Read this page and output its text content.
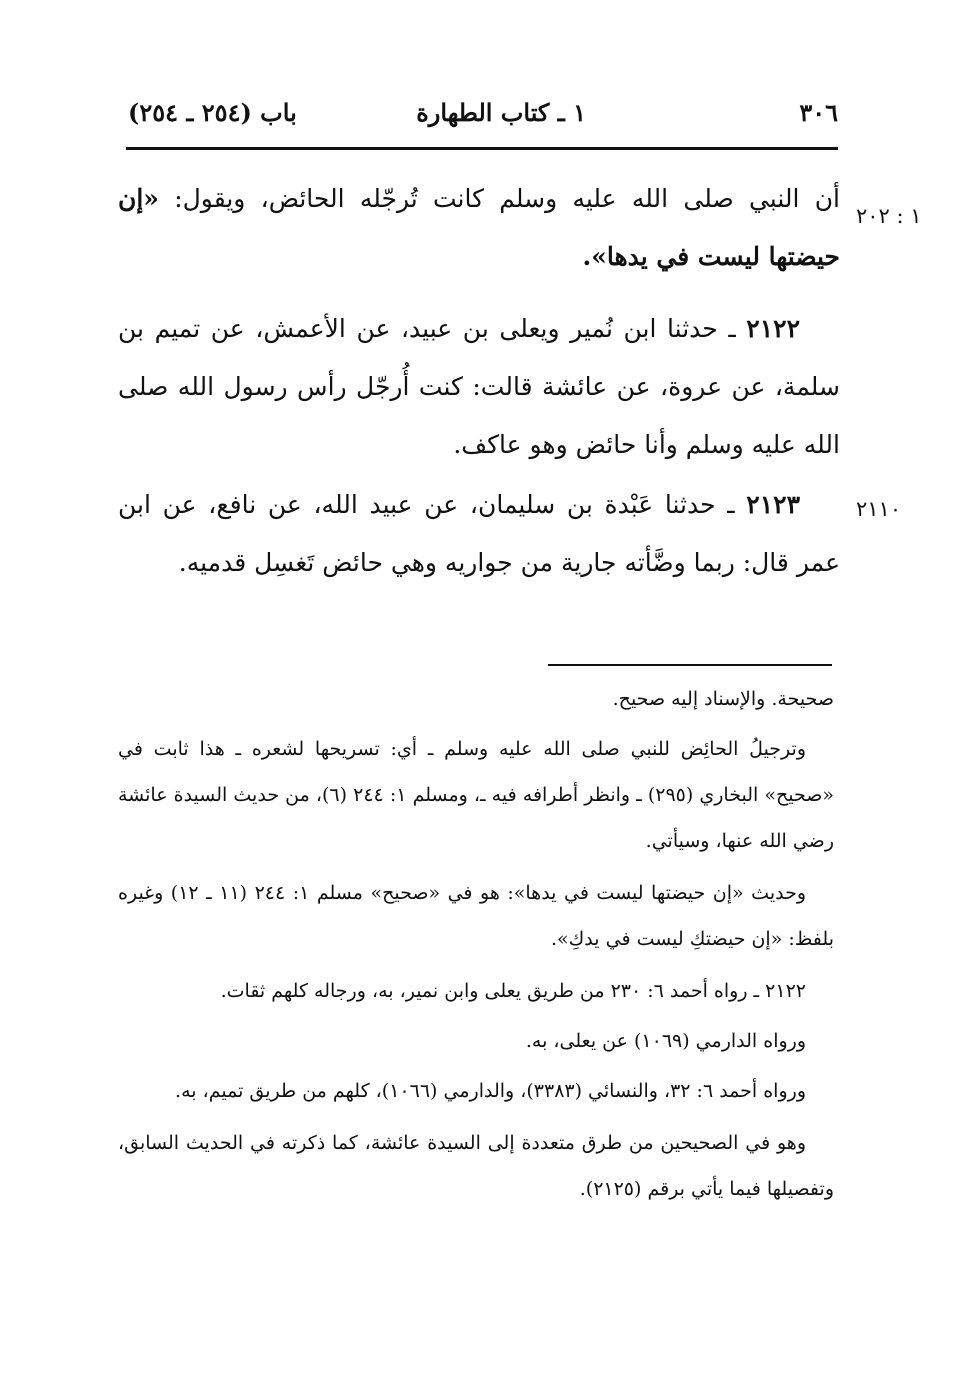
٣٠٦
١ ـ كتاب الطهارة
باب (٢٥٤ ـ ٢٥٤)
١ : ٢٠٢
٢١١٠
أن النبي صلى الله عليه وسلم كانت تُرجّله الحائض، ويقول: «إن حيضتها ليست في يدها».
٢١٢٢ ـ حدثنا ابن نُمير ويعلى بن عبيد، عن الأعمش، عن تميم بن سلمة، عن عروة، عن عائشة قالت: كنت أُرجّل رأس رسول الله صلى الله عليه وسلم وأنا حائض وهو عاكف.
٢١٢٣ ـ حدثنا عَبْدة بن سليمان، عن عبيد الله، عن نافع، عن ابن عمر قال: ربما وضَّأته جارية من جواريه وهي حائض تَغسِل قدميه.

صحيحة. والإسناد إليه صحيح.

وترجيلُ الحائِض للنبي صلى الله عليه وسلم ـ أي: تسريحها لشعره ـ هذا ثابت في «صحيح» البخاري (٢٩٥) ـ وانظر أطرافه فيه ـ، ومسلم ١: ٢٤٤ (٦)، من حديث السيدة عائشة رضي الله عنها، وسيأتي.

وحديث «إن حيضتها ليست في يدها»: هو في «صحيح» مسلم ١: ٢٤٤ (١١ ـ ١٢) وغيره بلفظ: «إن حيضتكِ ليست في يدكِ».

٢١٢٢ ـ رواه أحمد ٦: ٢٣٠ من طريق يعلى وابن نمير، به، ورجاله كلهم ثقات.

ورواه الدارمي (١٠٦٩) عن يعلى، به.

ورواه أحمد ٦: ٣٢، والنسائي (٣٣٨٣)، والدارمي (١٠٦٦)، كلهم من طريق تميم، به.

وهو في الصحيحين من طرق متعددة إلى السيدة عائشة، كما ذكرته في الحديث السابق، وتفصيلها فيما يأتي برقم (٢١٢٥).
